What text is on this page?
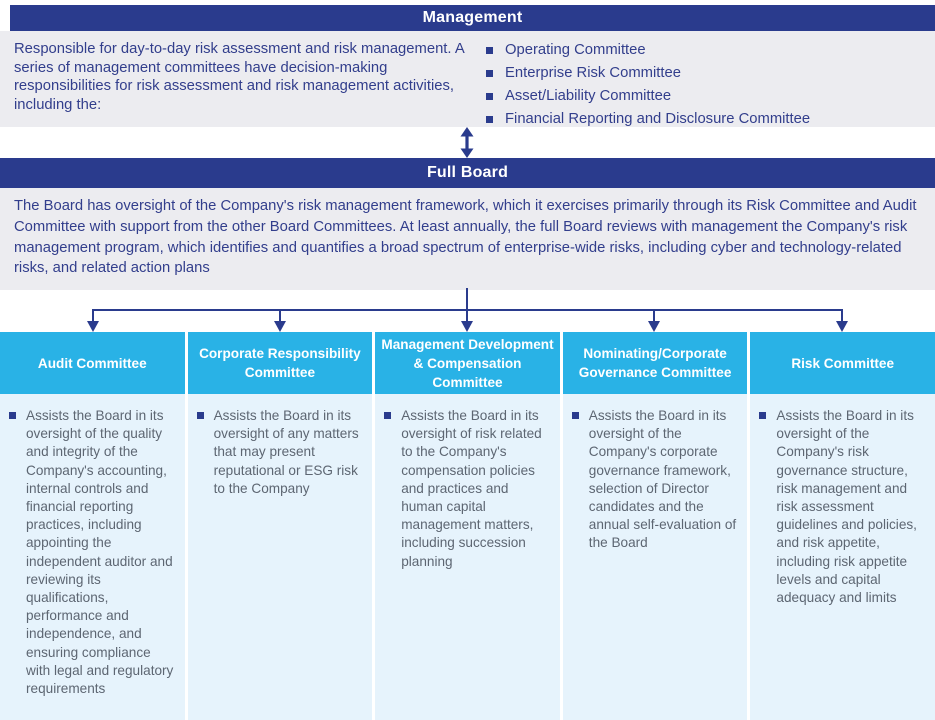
Management

Responsible for day-to-day risk assessment and risk management. A series of management committees have decision-making responsibilities for risk assessment and risk management activities, including the:

Operating Committee
Enterprise Risk Committee
Asset/Liability Committee
Financial Reporting and Disclosure Committee
Full Board

The Board has oversight of the Company's risk management framework, which it exercises primarily through its Risk Committee and Audit Committee with support from the other Board Committees. At least annually, the full Board reviews with management the Company's risk management program, which identifies and quantifies a broad spectrum of enterprise-wide risks, including cyber and technology-related risks, and related action plans

Audit Committee

Assists the Board in its oversight of the quality and integrity of the Company's accounting, internal controls and financial reporting practices, including appointing the independent auditor and reviewing its qualifications, performance and independence, and ensuring compliance with legal and regulatory requirements

Corporate Responsibility Committee

Assists the Board in its oversight of any matters that may present reputational or ESG risk to the Company

Management Development & Compensation Committee

Assists the Board in its oversight of risk related to the Company's compensation policies and practices and human capital management matters, including succession planning

Nominating/Corporate Governance Committee

Assists the Board in its oversight of the Company's corporate governance framework, selection of Director candidates and the annual self-evaluation of the Board

Risk Committee

Assists the Board in its oversight of the Company's risk governance structure, risk management and risk assessment guidelines and policies, and risk appetite, including risk appetite levels and capital adequacy and limits
